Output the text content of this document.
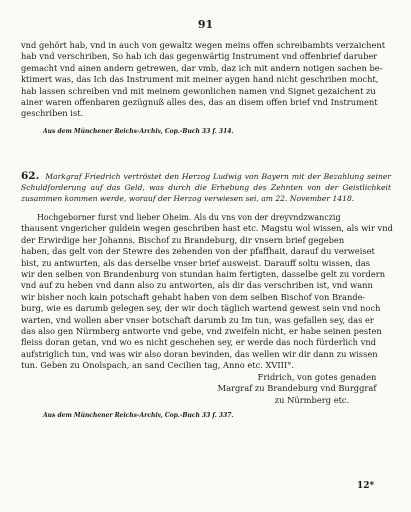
91
vnd gehört hab, vnd in auch von gewaltz wegen meins offen schreibambts verzaichent
hab vnd verschriben, So hab ich das gegenwärtig Instrument vnd offenbrief daruber
gemacht vnd ainen andern getrewen, dar vmb, daz ich mit andern notigen sachen be-
ktimert was, das Ich das Instrument mit meiner aygen hand nicht geschriben mocht,
hab lassen schreiben vnd mit meinem gewonlichen namen vnd Signet gezaichent zu
ainer waren offenbaren gezügnuß alles des, das an disem offen brief vnd Instrument
geschriben ist.
Aus dem Münchener Reichs-Archiv, Cop.-Buch 33 f. 314.
62. Markgraf Friedrich vertröstet den Herzog Ludwig von Bayern mit der Bezahlung seiner Schuldforderung auf das Geld, was durch die Erhebung des Zehnten von der Geistlichkeit zusammen kommen werde, worauf der Herzog verwiesen sei, am 22. November 1418.
Hochgeborner furst vnd lieber Oheim. Als du vns von der dreyvndzwanczig
thausent vngericher guldein wegen geschriben hast etc. Magstu wol wissen, als wir vnd
der Erwirdige her Johanns, Bischof zu Brandeburg, dir vnsern brief gegeben
haben, das gelt von der Stewre des zehenden von der pfaffhait, darauf du verweiset
bist, zu antwurten, als das derselbe vnser brief ausweist. Darauff soltu wissen, das
wir den selben von Brandenburg von stundan haim fertigten, dasselbe gelt zu vordern
vnd auf zu heben vnd dann also zu antworten, als dir das verschriben ist, vnd wann
wir bisher noch kain potschaft gehabt haben von dem selben Bischof von Brande-
burg, wie es darumb gelegen sey, der wir doch täglich wartend gewest sein vnd noch
warten, vnd wollen aber vnser botschaft darumb zu Im tun, was gefallen sey, das er
das also gen Nürmberg antworte vnd gebe, vnd zweifeln nicht, er habe seinen pesten
fleiss doran getan, vnd wo es nicht geschehen sey, er werde das noch fürderlich vnd
aufstriglich tun, vnd was wir also doran bevinden, das wellen wir dir dann zu wissen
tun. Geben zu Onolspach, an sand Cecilien tag, Anno etc. XVIII°.
Fridrich, von gotes genaden
Margraf zu Brandeburg vnd Burggraf
zu Nürmberg etc.
Aus dem Münchener Reichs-Archiv, Cop.-Buch 33 f. 337.
12*
